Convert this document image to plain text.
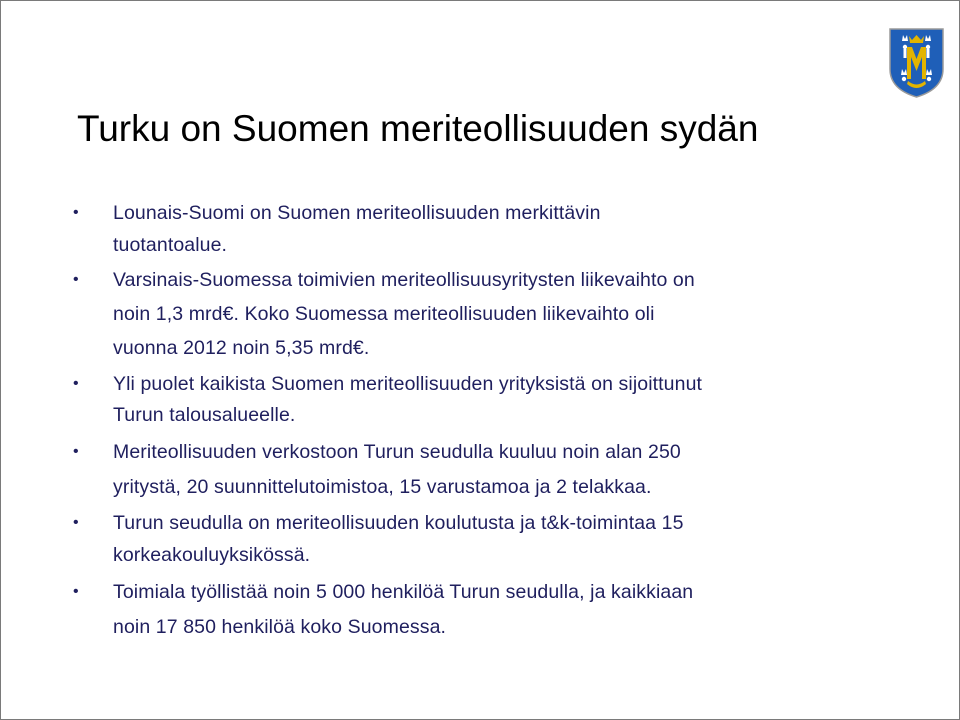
Turku on Suomen meriteollisuuden sydän
•	Lounais-Suomi on Suomen meriteollisuuden merkittävin
tuotantoalue.
•	Varsinais-Suomessa toimivien meriteollisuusyritysten liikevaihto on
noin 1,3 mrd€. Koko Suomessa meriteollisuuden liikevaihto oli
vuonna 2012 noin 5,35 mrd€.
•	Yli puolet kaikista Suomen meriteollisuuden yrityksistä on sijoittunut
Turun talousalueelle.
•	Meriteollisuuden verkostoon Turun seudulla kuuluu noin alan 250
yritystä, 20 suunnittelutoimistoa, 15 varustamoa ja 2 telakkaa.
•	Turun seudulla on meriteollisuuden koulutusta ja t&k-toimintaa 15
korkeakouluyksikössä.
•	Toimiala työllistää noin 5 000 henkilöä Turun seudulla, ja kaikkiaan
noin 17 850 henkilöä koko Suomessa.
